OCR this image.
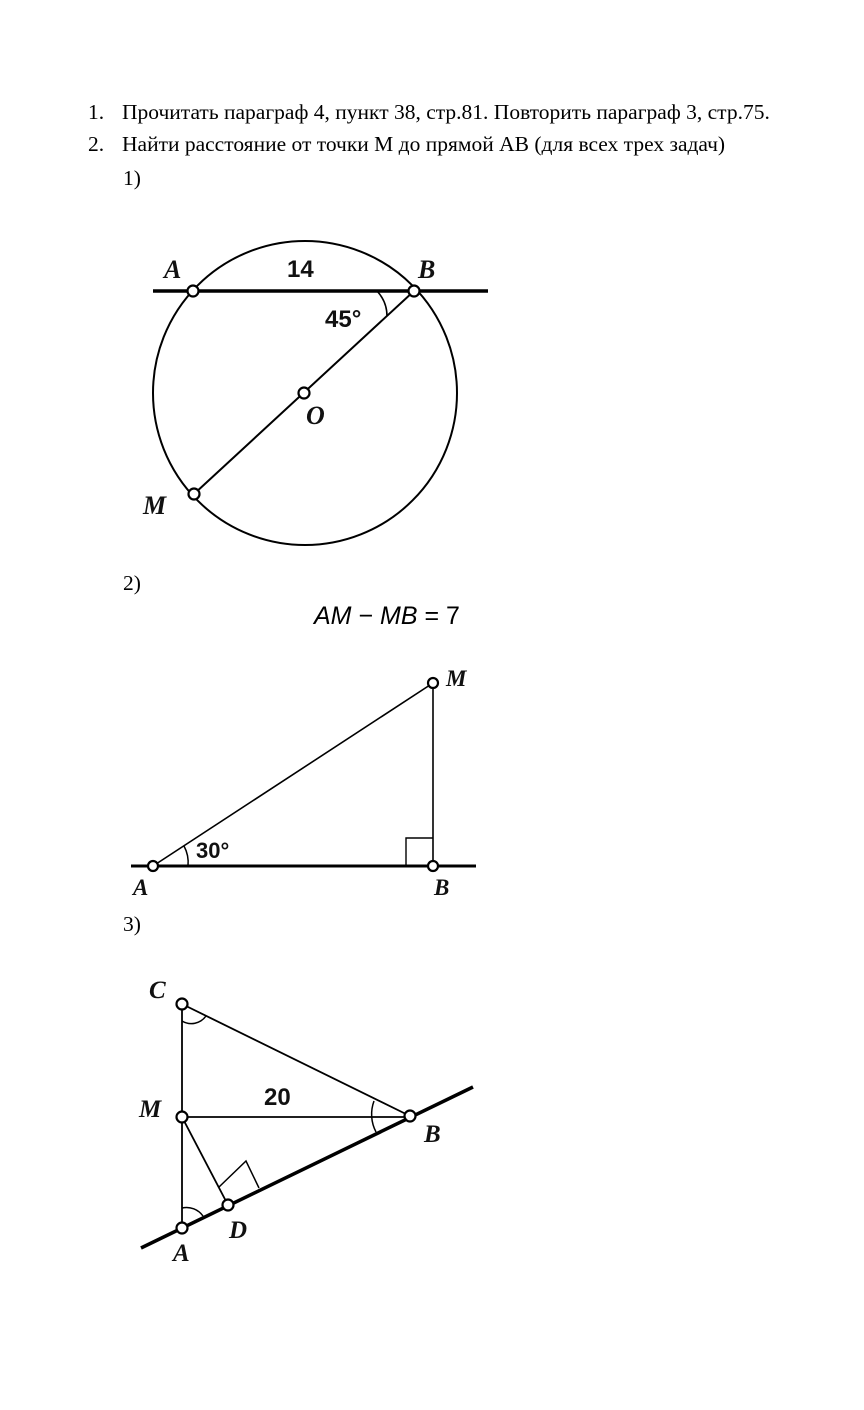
1. Прочитать параграф 4, пункт 38, стр.81. Повторить параграф 3, стр.75.
2. Найти расстояние от точки М до прямой АВ (для всех трех задач)
1)
2)
3)
AM − MB = 7
A	B
O
M
14
45°
A	B
M
30°
C
M
A
D
B
20
